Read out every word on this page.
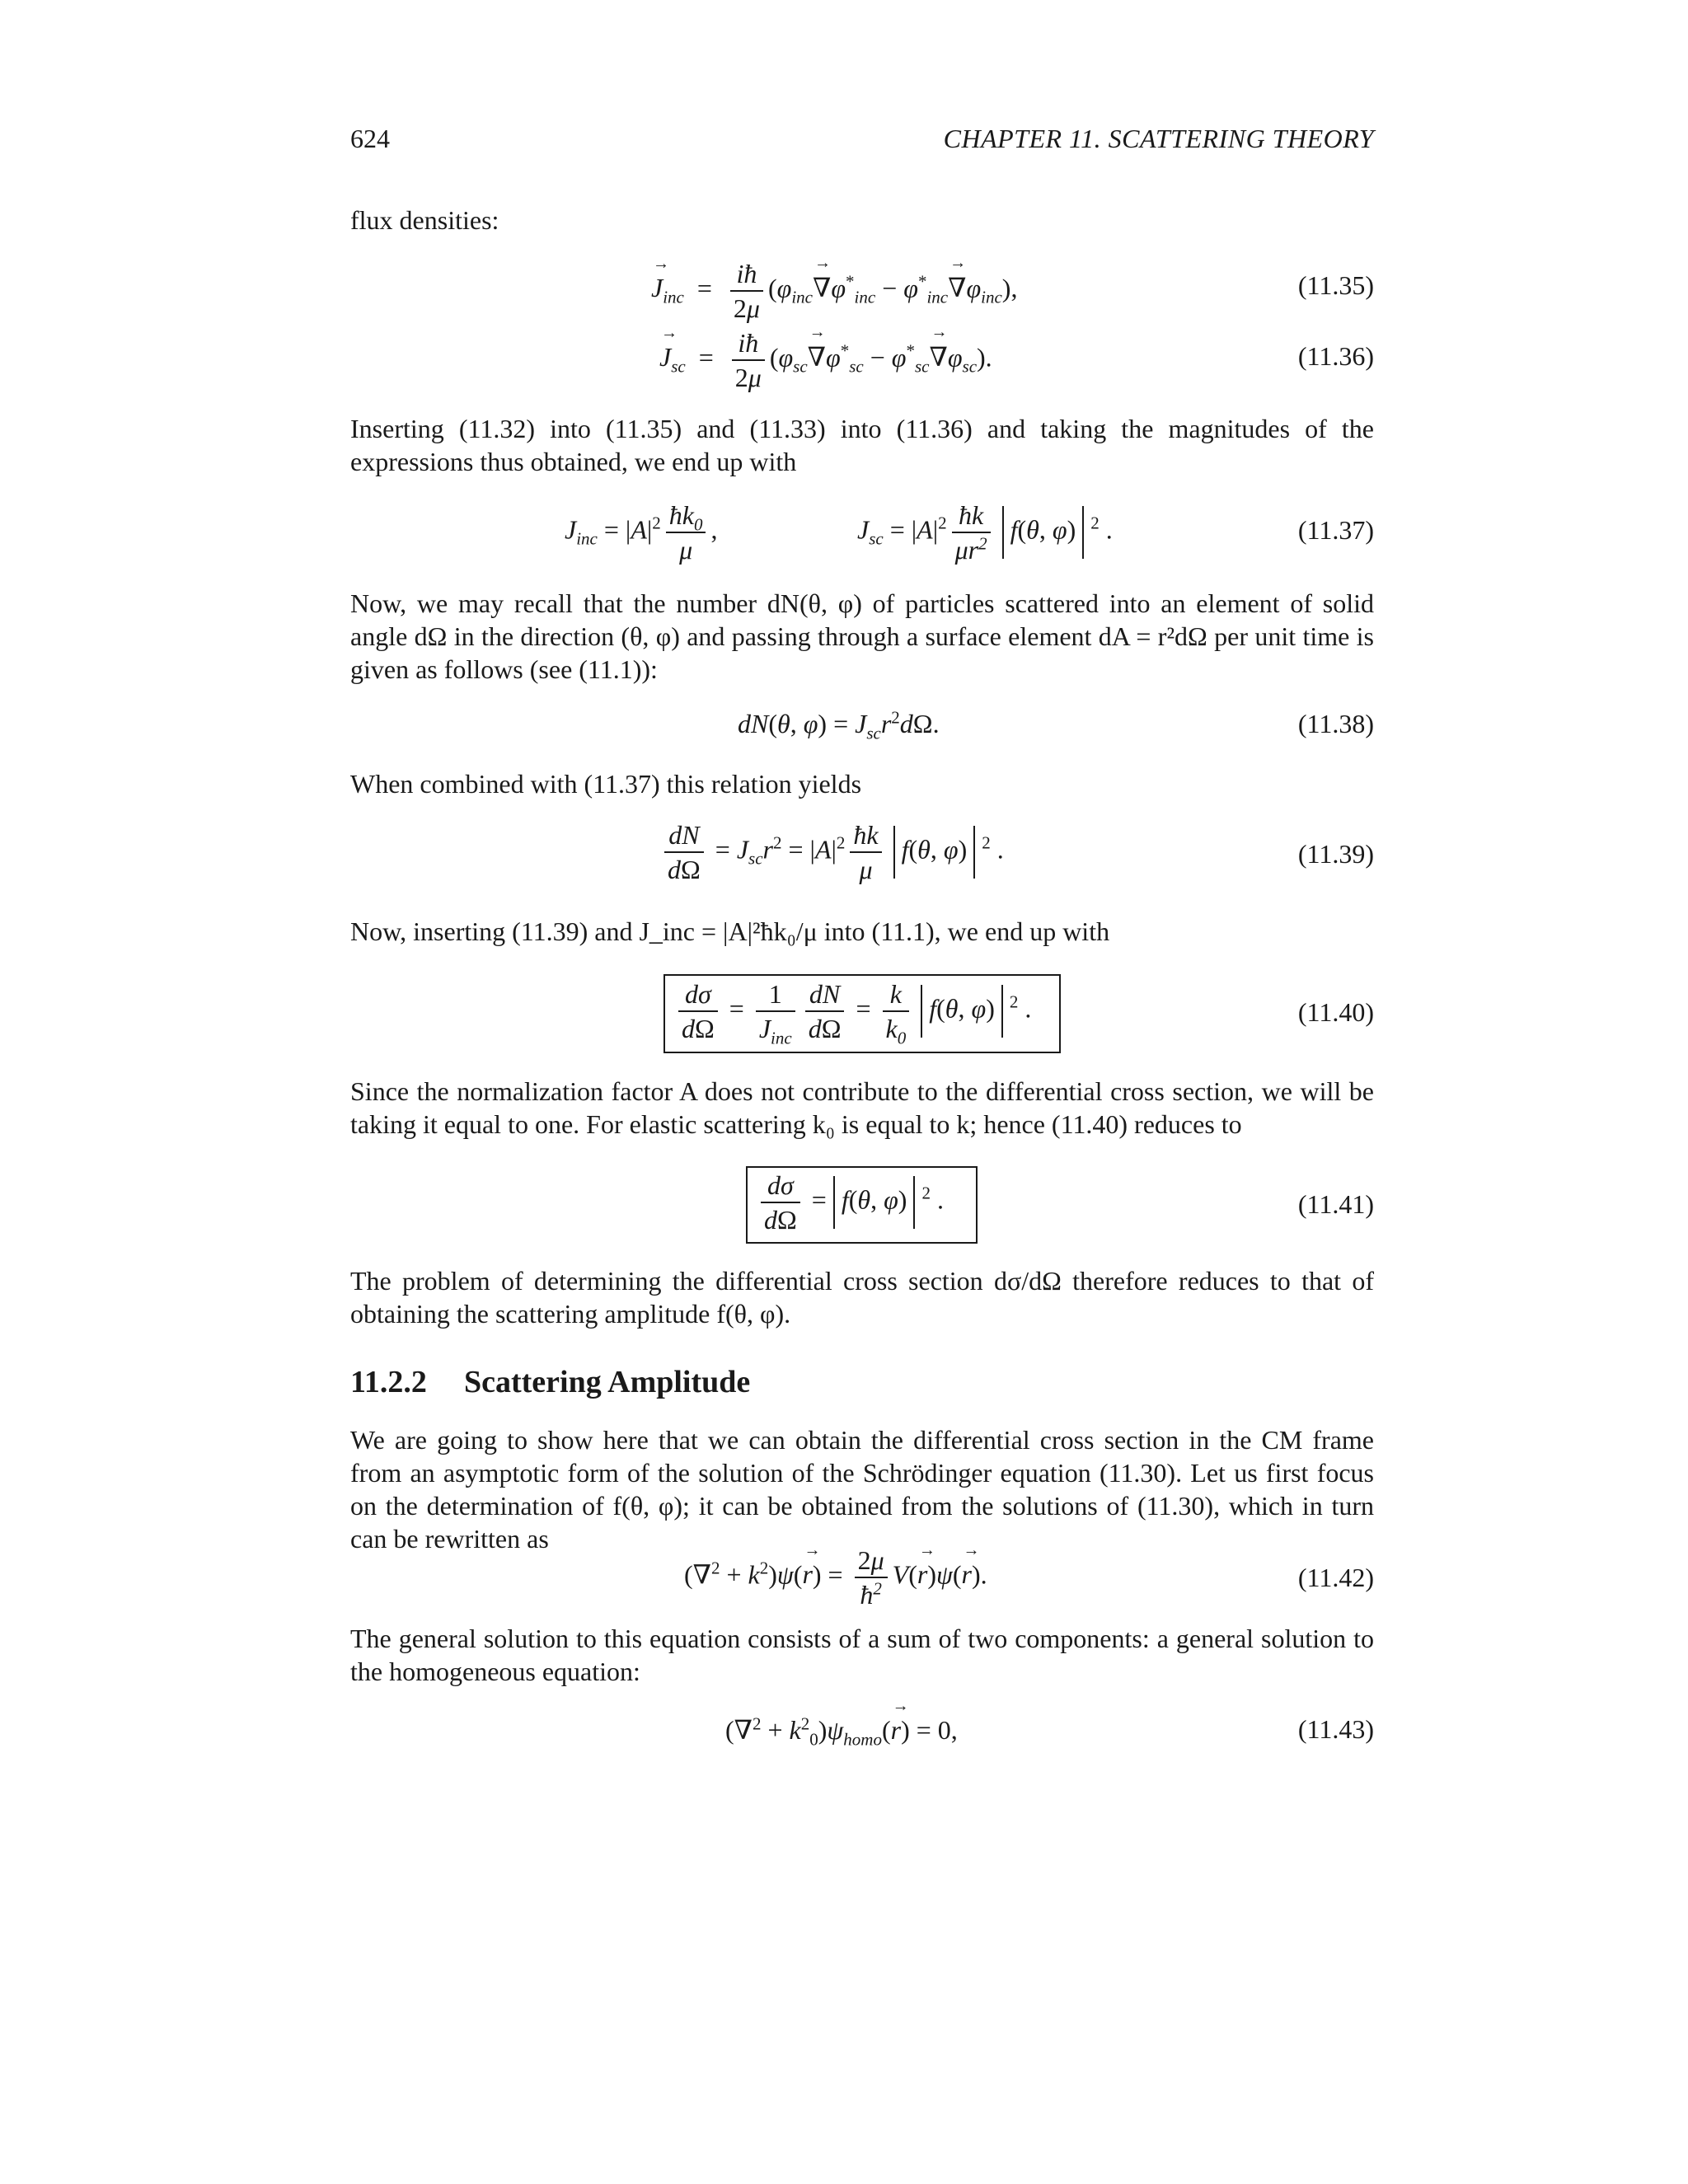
624	CHAPTER 11. SCATTERING THEORY
flux densities:
→ $J_{inc} = \frac{iħ}{2\mu} (\varphi_{inc}\to \nabla\varphi^*_{inc} - \varphi^*_{inc}\to \nabla\varphi_{inc})$,	(11.35)
→ $J_{sc} = \frac{iħ}{2\mu} (\varphi_{sc}\to \nabla\varphi^*_{sc} - \varphi^*_{sc}\to \nabla\varphi_{sc})$.	(11.36)
Inserting (11.32) into (11.35) and (11.33) into (11.36) and taking the magnitudes of the expressions thus obtained, we end up with
$J_{inc} = |A|^2 \frac{ħk_0}{\mu}$ ,	$J_{sc} = |A|^2 \frac{ħk}{\mu r^2} f(\theta$, φ) $^2$ .	(11.37)
Now, we may recall that the number dN(θ, φ) of particles scattered into an element of solid angle dΩ in the direction (θ, φ) and passing through a surface element dA = r²dΩ per unit time is given as follows (see (11.1)):
dN(θ, $\varphi) = J_{sc}r^2d\Omega$.	(11.38)
When combined with (11.37) this relation yields
$\frac{dN}{d\Omega} = J_{sc}r^2 = |A|^2 \frac{ħk}{\mu} f(\theta$, φ) $^2$ .	(11.39)
Now, inserting (11.39) and J_inc = |A|²ħk₀/μ into (11.1), we end up with
$\frac{d\sigma}{d\Omega} = \frac{1}{J_{inc}} \frac{dN}{d\Omega} = \frac{k}{k_0} f(\theta$, φ) $^2$ .	(11.40)
Since the normalization factor A does not contribute to the differential cross section, we will be taking it equal to one. For elastic scattering k₀ is equal to k; hence (11.40) reduces to
$\frac{d\sigma}{d\Omega} = f(\theta$, φ) $^2$ .	(11.41)
The problem of determining the differential cross section dσ/dΩ therefore reduces to that of obtaining the scattering amplitude f(θ, φ).
11.2.2 Scattering Amplitude
We are going to show here that we can obtain the differential cross section in the CM frame from an asymptotic form of the solution of the Schrödinger equation (11.30). Let us first focus on the determination of f(θ, φ); it can be obtained from the solutions of (11.30), which in turn can be rewritten as
$(\nabla^2 + k^2)\psi(\to r) = \frac{2\mu}{ħ^2} V(\to r)\psi(\to r)$.	(11.42)
The general solution to this equation consists of a sum of two components: a general solution to the homogeneous equation:
$(\nabla^2 + k^2_0)\psi_{homo}(\to r) = 0$,	(11.43)
